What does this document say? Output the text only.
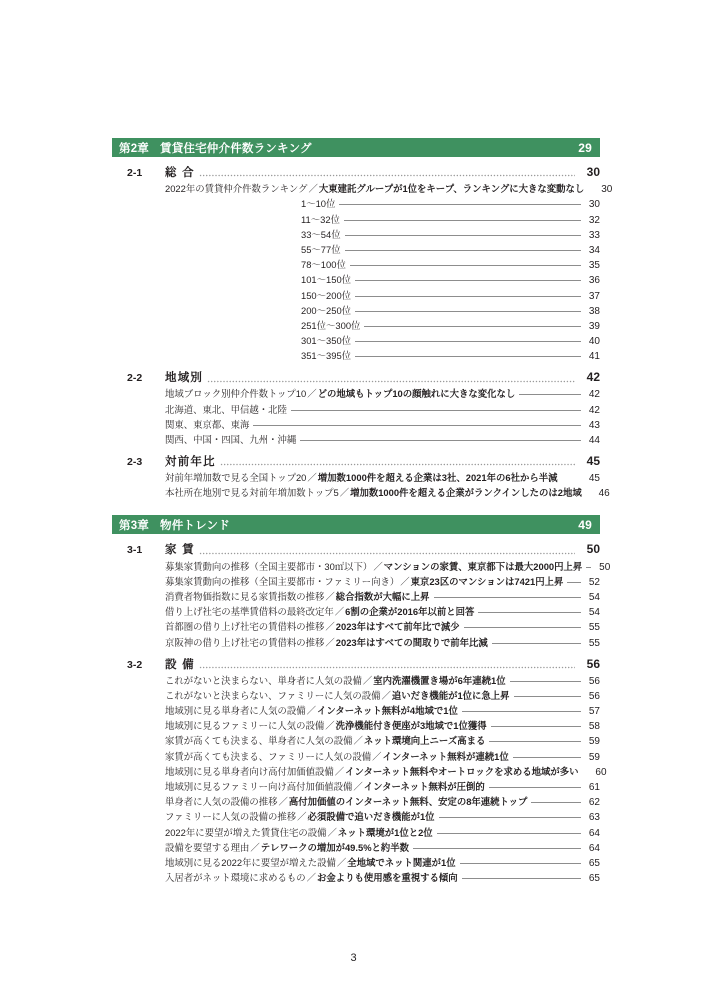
第2章 賃貸住宅仲介件数ランキング	29
2-1	総 合	30
2022年の賃貸仲介件数ランキング／大東建託グループが1位をキープ、ランキングに大きな変動なし	30
1〜10位	30
11〜32位	32
33〜54位	33
55〜77位	34
78〜100位	35
101〜150位	36
150〜200位	37
200〜250位	38
251位〜300位	39
301〜350位	40
351〜395位	41
2-2	地域別	42
地域ブロック別仲介件数トップ10／どの地域もトップ10の顔触れに大きな変化なし	42
北海道、東北、甲信越・北陸	42
関東、東京都、東海	43
関西、中国・四国、九州・沖縄	44
2-3	対前年比	45
対前年増加数で見る全国トップ20／増加数1000件を超える企業は3社、2021年の6社から半減	45
本社所在地別で見る対前年増加数トップ5／増加数1000件を超える企業がランクインしたのは2地域	46
第3章 物件トレンド	49
3-1	家 賃	50
募集家賃動向の推移（全国主要都市・30㎡以下）／マンションの家賃、東京都下は最大2000円上昇	50
募集家賃動向の推移（全国主要都市・ファミリー向き）／東京23区のマンションは7421円上昇	52
消費者物価指数に見る家賃指数の推移／総合指数が大幅に上昇	54
借り上げ社宅の基準賃借料の最終改定年／6割の企業が2016年以前と回答	54
首都圏の借り上げ社宅の賃借料の推移／2023年はすべて前年比で減少	55
京阪神の借り上げ社宅の賃借料の推移／2023年はすべての間取りで前年比減	55
3-2	設 備	56
これがないと決まらない、単身者に人気の設備／室内洗濯機置き場が6年連続1位	56
これがないと決まらない、ファミリーに人気の設備／追いだき機能が1位に急上昇	56
地域別に見る単身者に人気の設備／インターネット無料が4地域で1位	57
地域別に見るファミリーに人気の設備／洗浄機能付き便座が3地域で1位獲得	58
家賃が高くても決まる、単身者に人気の設備／ネット環境向上ニーズ高まる	59
家賃が高くても決まる、ファミリーに人気の設備／インターネット無料が連続1位	59
地域別に見る単身者向け高付加価値設備／インターネット無料やオートロックを求める地域が多い	60
地域別に見るファミリー向け高付加価値設備／インターネット無料が圧倒的	61
単身者に人気の設備の推移／高付加価値のインターネット無料、安定の8年連続トップ	62
ファミリーに人気の設備の推移／必須設備で追いだき機能が1位	63
2022年に要望が増えた賃貸住宅の設備／ネット環境が1位と2位	64
設備を要望する理由／テレワークの増加が49.5%と約半数	64
地域別に見る2022年に要望が増えた設備／全地域でネット関連が1位	65
入居者がネット環境に求めるもの／お金よりも使用感を重視する傾向	65
3
